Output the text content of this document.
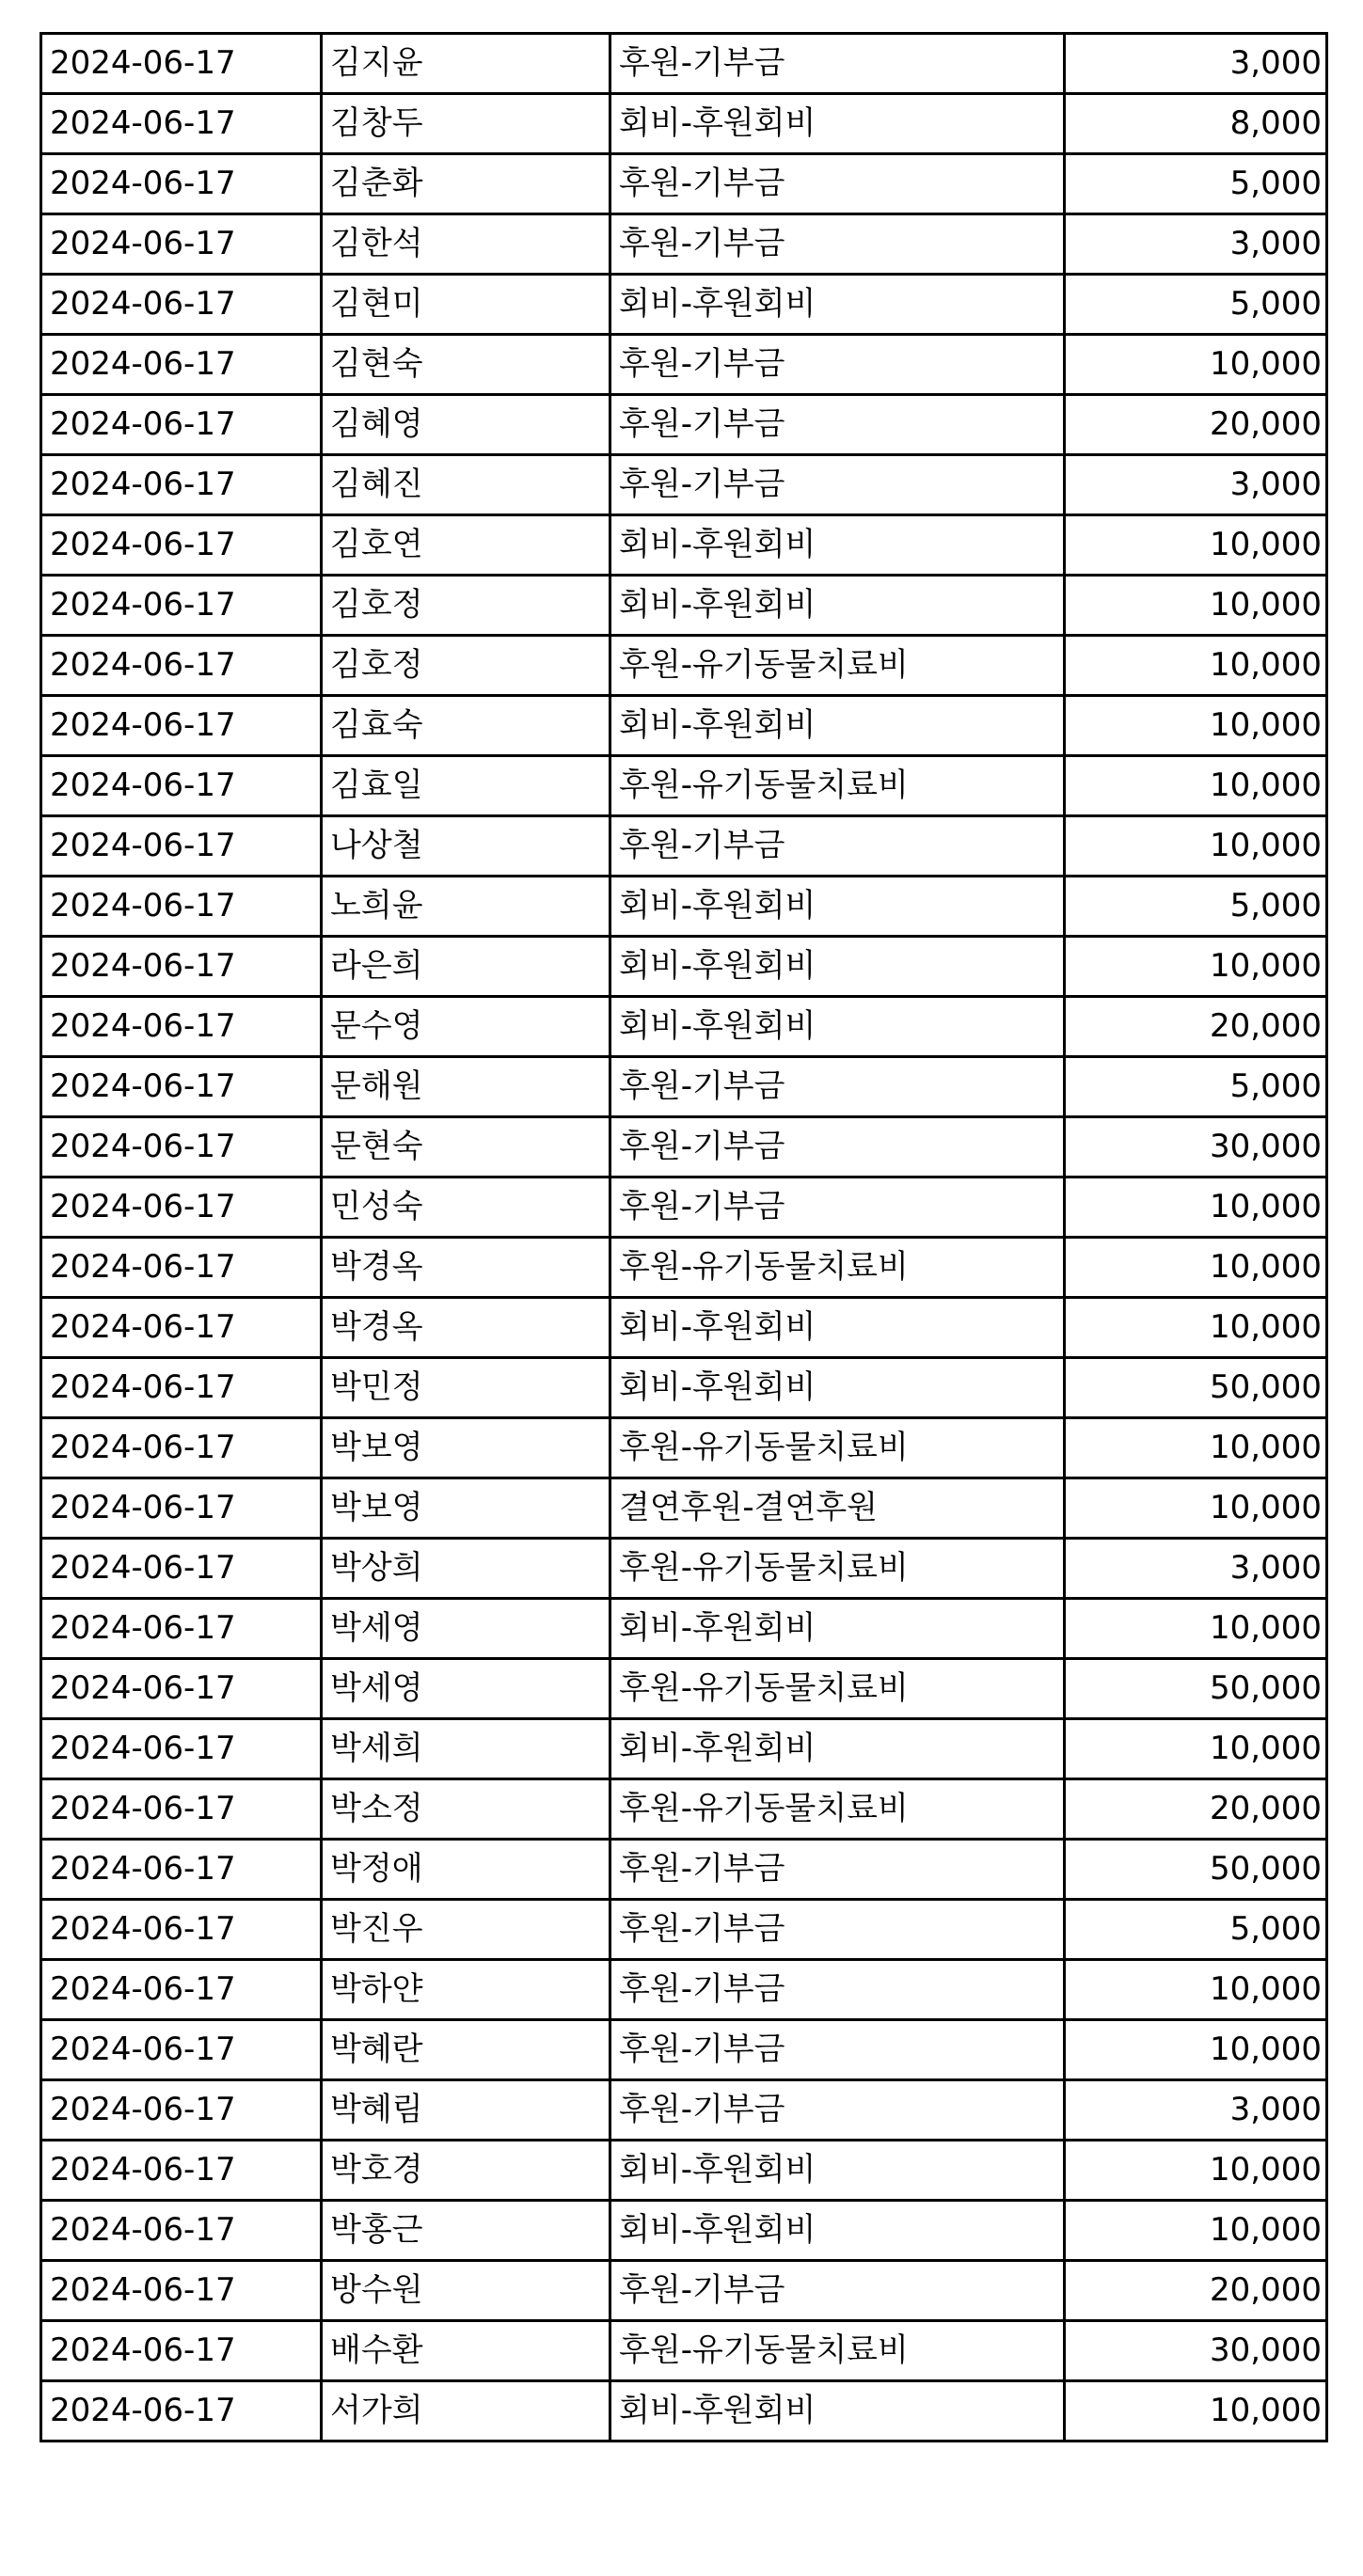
2024-06-17	김지윤	후원-기부금	3,000
2024-06-17	김창두	회비-후원회비	8,000
2024-06-17	김춘화	후원-기부금	5,000
2024-06-17	김한석	후원-기부금	3,000
2024-06-17	김현미	회비-후원회비	5,000
2024-06-17	김현숙	후원-기부금	10,000
2024-06-17	김혜영	후원-기부금	20,000
2024-06-17	김혜진	후원-기부금	3,000
2024-06-17	김호연	회비-후원회비	10,000
2024-06-17	김호정	회비-후원회비	10,000
2024-06-17	김호정	후원-유기동물치료비	10,000
2024-06-17	김효숙	회비-후원회비	10,000
2024-06-17	김효일	후원-유기동물치료비	10,000
2024-06-17	나상철	후원-기부금	10,000
2024-06-17	노희윤	회비-후원회비	5,000
2024-06-17	라은희	회비-후원회비	10,000
2024-06-17	문수영	회비-후원회비	20,000
2024-06-17	문해원	후원-기부금	5,000
2024-06-17	문현숙	후원-기부금	30,000
2024-06-17	민성숙	후원-기부금	10,000
2024-06-17	박경옥	후원-유기동물치료비	10,000
2024-06-17	박경옥	회비-후원회비	10,000
2024-06-17	박민정	회비-후원회비	50,000
2024-06-17	박보영	후원-유기동물치료비	10,000
2024-06-17	박보영	결연후원-결연후원	10,000
2024-06-17	박상희	후원-유기동물치료비	3,000
2024-06-17	박세영	회비-후원회비	10,000
2024-06-17	박세영	후원-유기동물치료비	50,000
2024-06-17	박세희	회비-후원회비	10,000
2024-06-17	박소정	후원-유기동물치료비	20,000
2024-06-17	박정애	후원-기부금	50,000
2024-06-17	박진우	후원-기부금	5,000
2024-06-17	박하얀	후원-기부금	10,000
2024-06-17	박혜란	후원-기부금	10,000
2024-06-17	박혜림	후원-기부금	3,000
2024-06-17	박호경	회비-후원회비	10,000
2024-06-17	박홍근	회비-후원회비	10,000
2024-06-17	방수원	후원-기부금	20,000
2024-06-17	배수환	후원-유기동물치료비	30,000
2024-06-17	서가희	회비-후원회비	10,000
